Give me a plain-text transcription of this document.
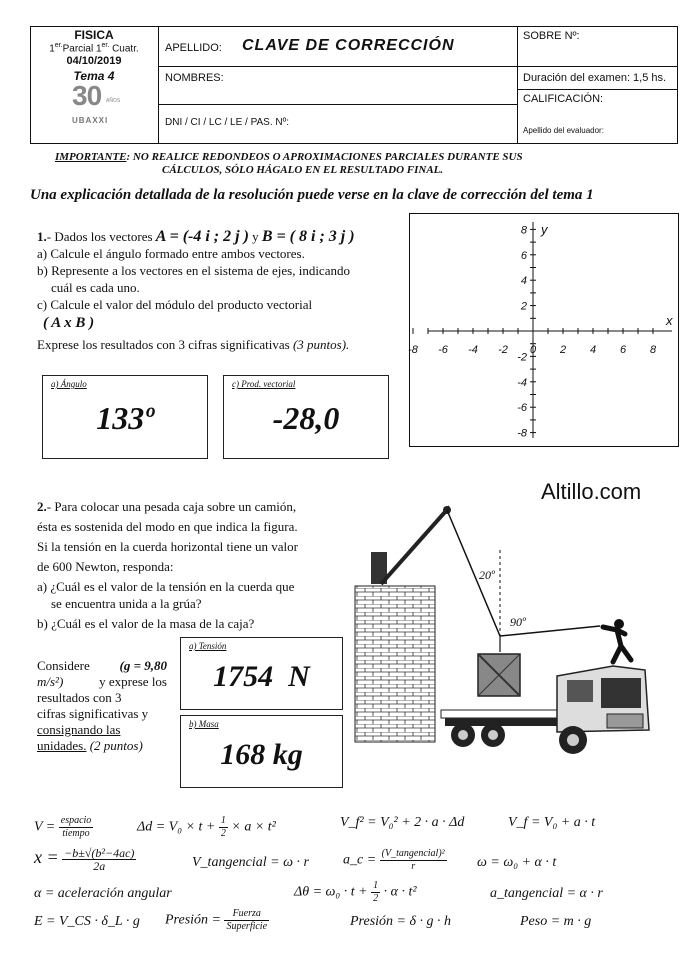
FISICA
$1^{er.}Parcial$ $1^{er.}$ Cuatr.
04/10/2019
Tema 4
30 AÑOS
UBAXXI
APELLIDO: CLAVE DE CORRECCIÓN
NOMBRES:
DNI / CI / LC / LE / PAS. Nº:
SOBRE Nº:
Duración del examen: 1,5 hs.
CALIFICACIÓN:
Apellido del evaluador:
IMPORTANTE: NO REALICE REDONDEOS O APROXIMACIONES PARCIALES DURANTE SUS
CÁLCULOS, SÓLO HÁGALO EN EL RESULTADO FINAL.
Una explicación detallada de la resolución puede verse en la clave de corrección del tema 1
1.- Dados los vectores A = (-4 i ; 2 j ) y B = ( 8 i ; 3 j )
a) Calcule el ángulo formado entre ambos vectores.
b) Represente a los vectores en el sistema de ejes, indicando
cuál es cada uno.
c) Calcule el valor del módulo del producto vectorial
( A x B )
Exprese los resultados con 3 cifras significativas (3 puntos).
a) Ángulo
133º
c) Prod. vectorial
-28,0
-8 -6 -4 -2 0 2 4 6 8
8
6
4
2
-2
-4
-6
-8
x
y
Altillo.com
2.- Para colocar una pesada caja sobre un camión,
ésta es sostenida del modo en que indica la figura.
Si la tensión en la cuerda horizontal tiene un valor
de 600 Newton, responda:
a) ¿Cuál es el valor de la tensión en la cuerda que
se encuentra unida a la grúa?
b) ¿Cuál es el valor de la masa de la caja?
Considere (g = 9,80
m/s²)	y exprese los
resultados con 3
cifras significativas y
consignando las
unidades. (2 puntos)
a) Tensión
1754  N
b) Masa
168 kg
20º
90º
$V = \frac{\text{espacio}}{\text{tiempo}}$	$\Delta d = V_0 \times t + \frac{1}{2} \times a \times t^2$	V_f² = V₀² + 2 · a · Δd	V_f = V₀ + a · t
$x = \frac{\text{−b±√(b²−4ac)}}{2a}$	V_tangencial = ω · r a_c = $\frac{\text{(V\_tangencial)²}}{r}$ ω = ω₀ + α · t
α = aceleración angular	$\Delta\theta = \omega_0 \cdot t + \frac{1}{2} \cdot \alpha \cdot t^2$	a_tangencial = α · r
E = V_CS · δ_L · g Presión = $\frac{\text{Fuerza}}{\text{Superficie}}$	Presión = δ · g · h	Peso = m · g
